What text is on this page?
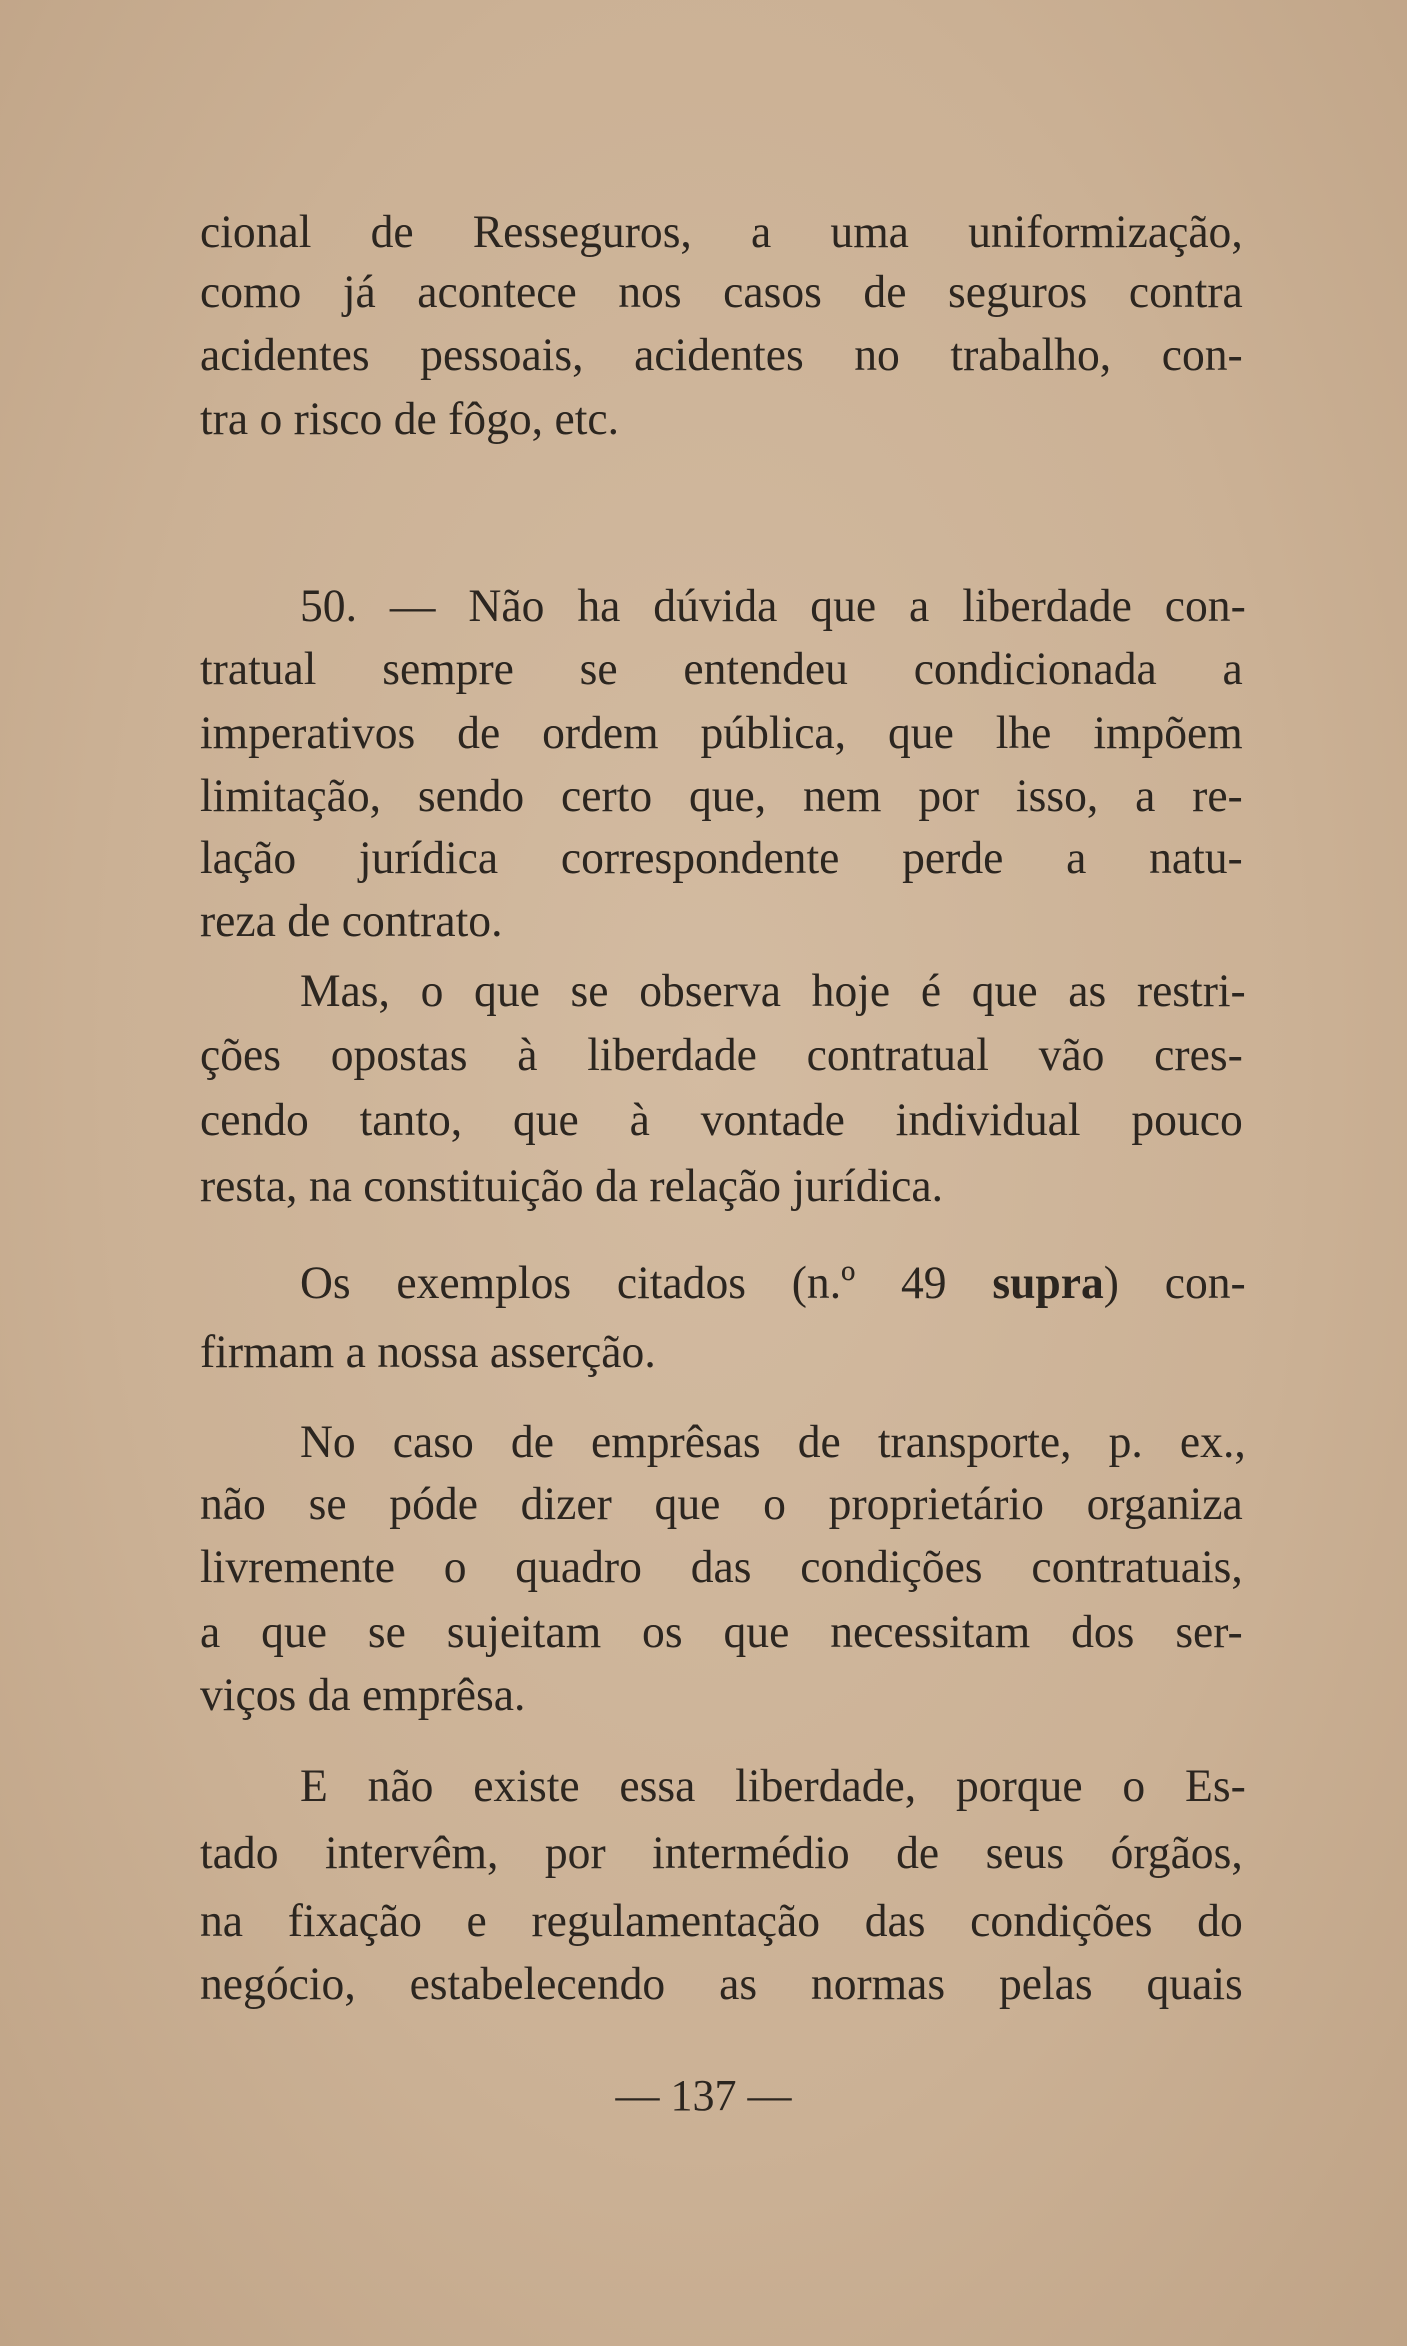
cional de Resseguros, a uma uniformização,
como já acontece nos casos de seguros contra
acidentes pessoais, acidentes no trabalho, con-
tra o risco de fôgo, etc.
50. — Não ha dúvida que a liberdade con-
tratual sempre se entendeu condicionada a
imperativos de ordem pública, que lhe impõem
limitação, sendo certo que, nem por isso, a re-
lação jurídica correspondente perde a natu-
reza de contrato.
Mas, o que se observa hoje é que as restri-
ções opostas à liberdade contratual vão cres-
cendo tanto, que à vontade individual pouco
resta, na constituição da relação jurídica.
Os exemplos citados (n.º 49 supra) con-
firmam a nossa asserção.
No caso de emprêsas de transporte, p. ex.,
não se póde dizer que o proprietário organiza
livremente o quadro das condições contratuais,
a que se sujeitam os que necessitam dos ser-
viços da emprêsa.
E não existe essa liberdade, porque o Es-
tado intervêm, por intermédio de seus órgãos,
na fixação e regulamentação das condições do
negócio, estabelecendo as normas pelas quais
— 137 —
